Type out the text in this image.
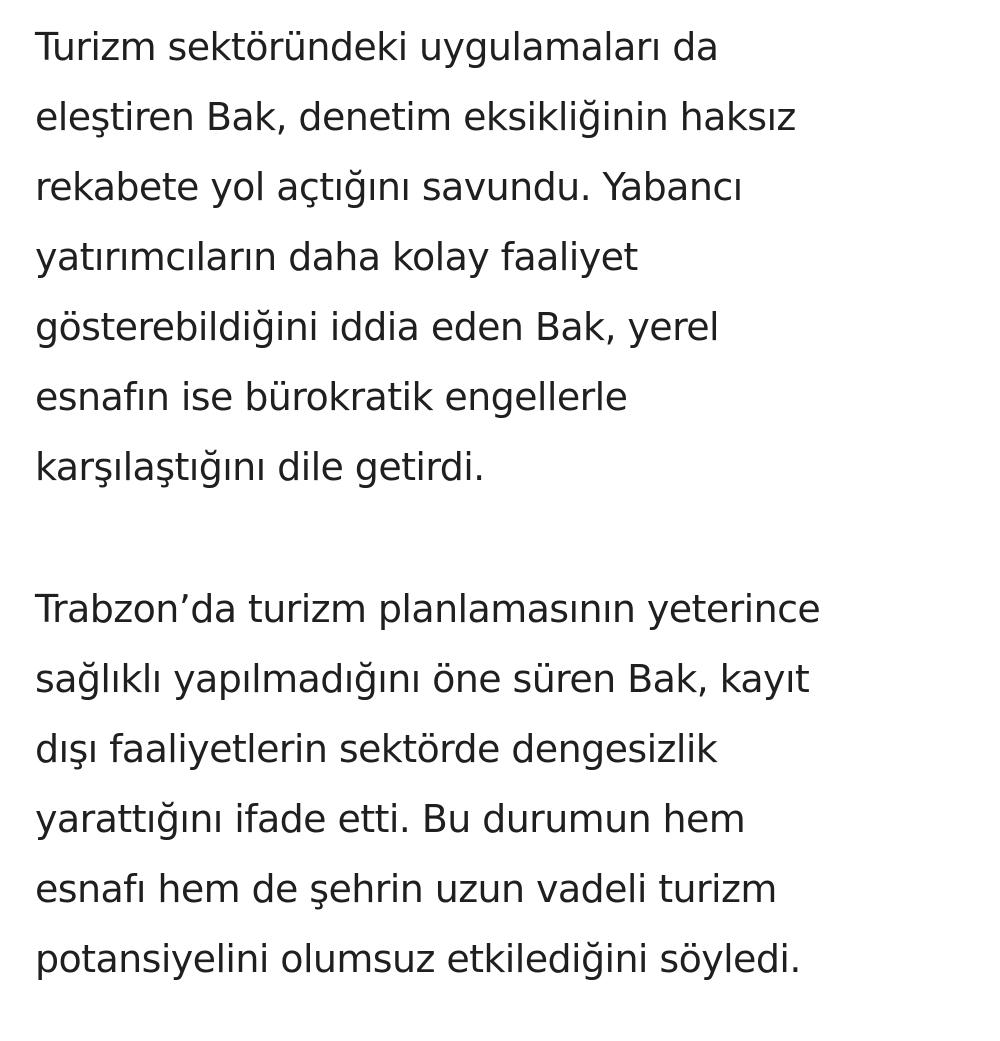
Turizm sektöründeki uygulamaları da
eleştiren Bak, denetim eksikliğinin haksız
rekabete yol açtığını savundu. Yabancı
yatırımcıların daha kolay faaliyet
gösterebildiğini iddia eden Bak, yerel
esnafın ise bürokratik engellerle
karşılaştığını dile getirdi.

Trabzon’da turizm planlamasının yeterince
sağlıklı yapılmadığını öne süren Bak, kayıt
dışı faaliyetlerin sektörde dengesizlik
yarattığını ifade etti. Bu durumun hem
esnafı hem de şehrin uzun vadeli turizm
potansiyelini olumsuz etkilediğini söyledi.
